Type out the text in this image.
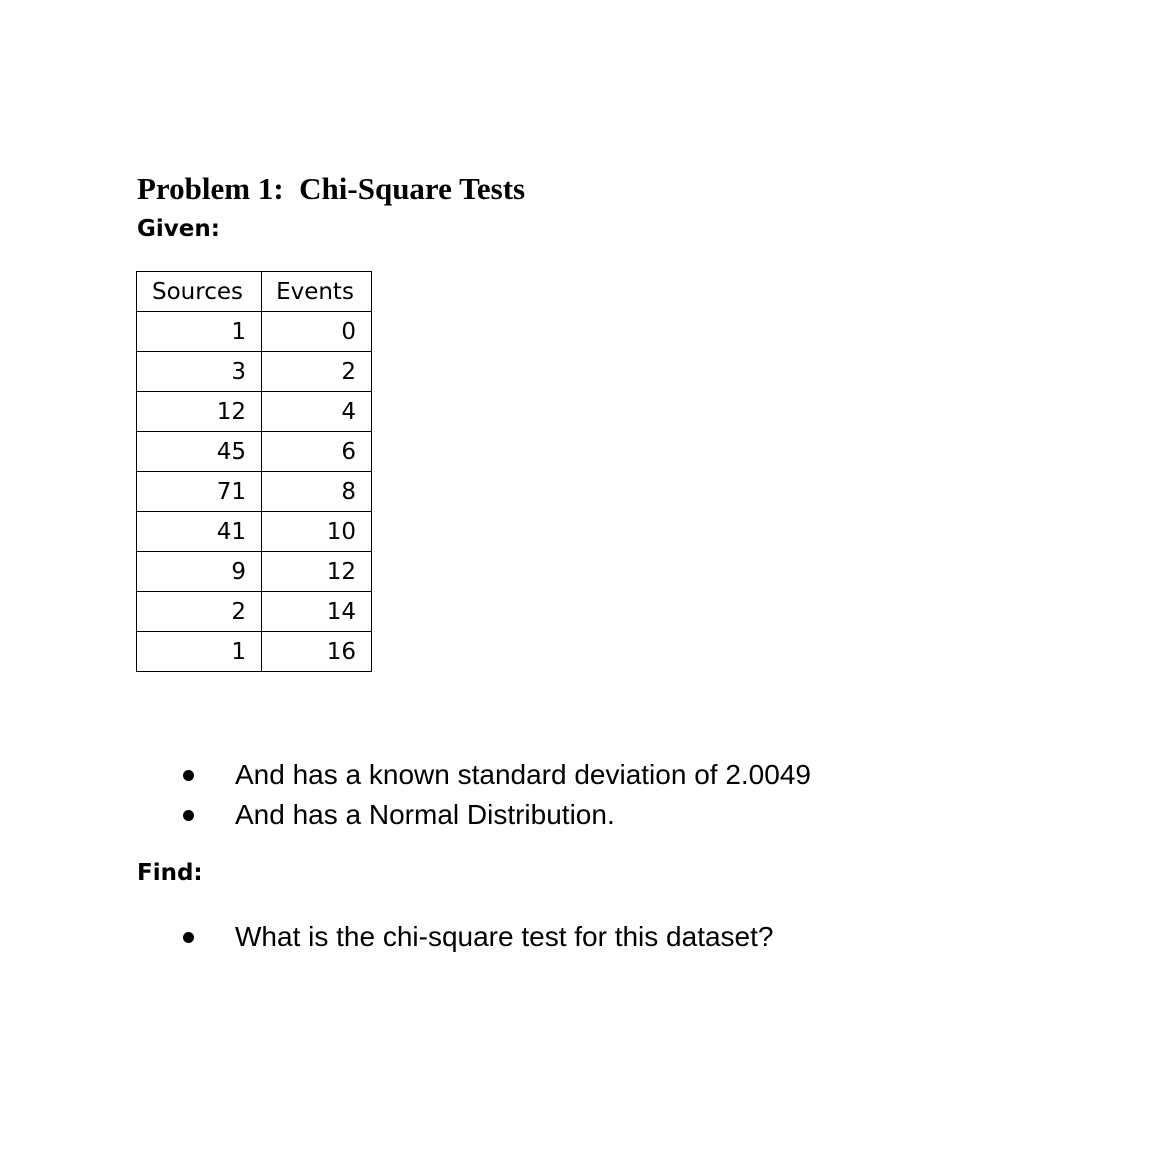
Problem 1:  Chi-Square Tests
Given:
Sources	Events
1	0
3	2
12	4
45	6
71	8
41	10
9	12
2	14
1	16
And has a known standard deviation of 2.0049
And has a Normal Distribution.
Find:
What is the chi-square test for this dataset?
